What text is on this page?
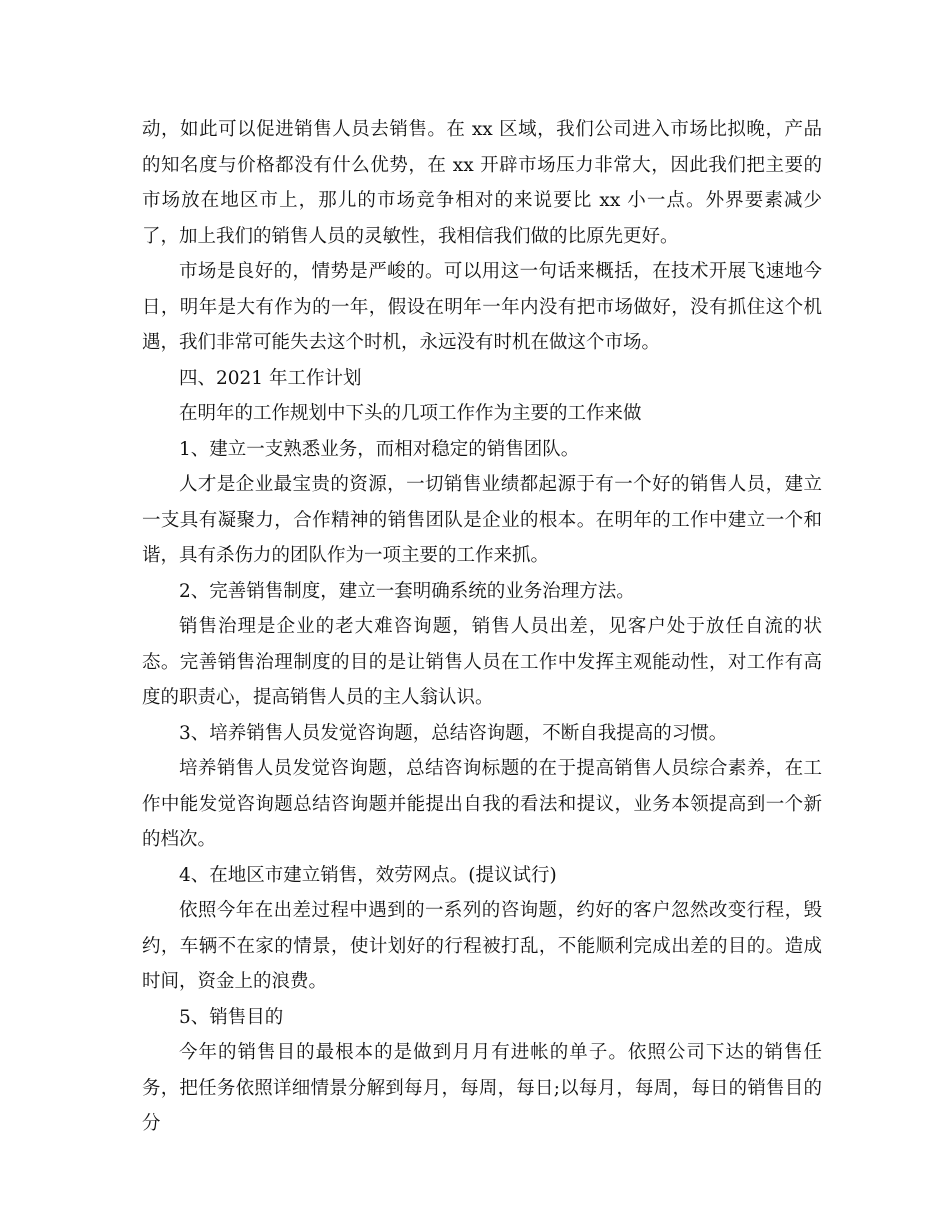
动，如此可以促进销售人员去销售。在 xx 区域，我们公司进入市场比拟晚，产品的知名度与价格都没有什么优势，在 xx 开辟市场压力非常大，因此我们把主要的市场放在地区市上，那儿的市场竞争相对的来说要比 xx 小一点。外界要素减少了，加上我们的销售人员的灵敏性，我相信我们做的比原先更好。

市场是良好的，情势是严峻的。可以用这一句话来概括，在技术开展飞速地今日，明年是大有作为的一年，假设在明年一年内没有把市场做好，没有抓住这个机遇，我们非常可能失去这个时机，永远没有时机在做这个市场。

四、2021 年工作计划

在明年的工作规划中下头的几项工作作为主要的工作来做

1、建立一支熟悉业务，而相对稳定的销售团队。

人才是企业最宝贵的资源，一切销售业绩都起源于有一个好的销售人员，建立一支具有凝聚力，合作精神的销售团队是企业的根本。在明年的工作中建立一个和谐，具有杀伤力的团队作为一项主要的工作来抓。

2、完善销售制度，建立一套明确系统的业务治理方法。

销售治理是企业的老大难咨询题，销售人员出差，见客户处于放任自流的状态。完善销售治理制度的目的是让销售人员在工作中发挥主观能动性，对工作有高度的职责心，提高销售人员的主人翁认识。

3、培养销售人员发觉咨询题，总结咨询题，不断自我提高的习惯。

培养销售人员发觉咨询题，总结咨询标题的在于提高销售人员综合素养，在工作中能发觉咨询题总结咨询题并能提出自我的看法和提议，业务本领提高到一个新的档次。

4、在地区市建立销售，效劳网点。(提议试行)

依照今年在出差过程中遇到的一系列的咨询题，约好的客户忽然改变行程，毁约，车辆不在家的情景，使计划好的行程被打乱，不能顺利完成出差的目的。造成时间，资金上的浪费。

5、销售目的

今年的销售目的最根本的是做到月月有进帐的单子。依照公司下达的销售任务，把任务依照详细情景分解到每月，每周，每日;以每月，每周，每日的销售目的分
